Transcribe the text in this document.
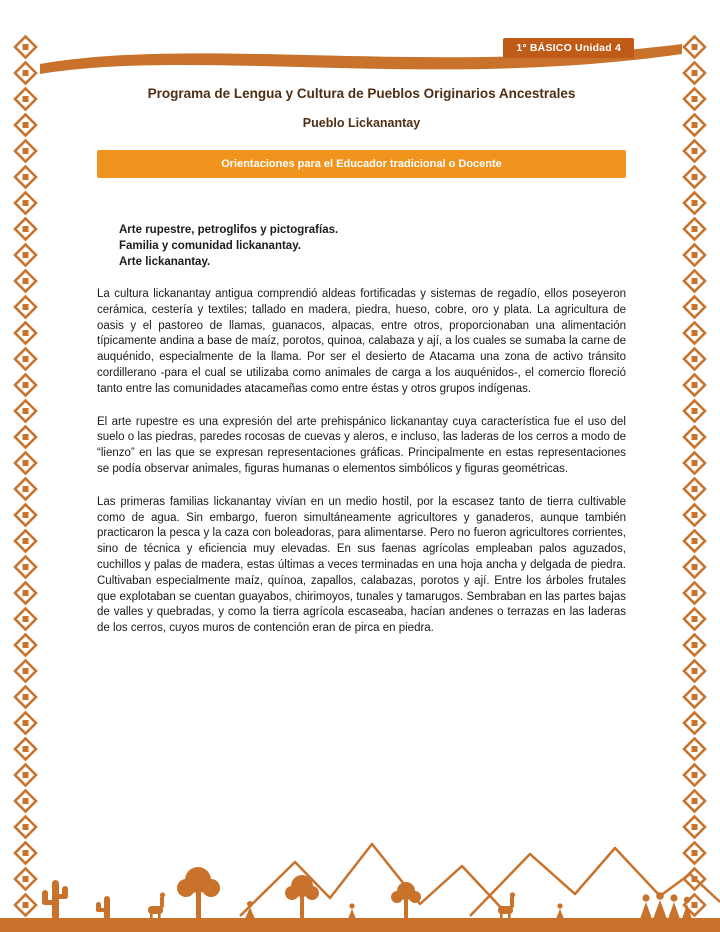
1° BÁSICO Unidad 4
Programa de Lengua y Cultura de Pueblos Originarios Ancestrales
Pueblo Lickanantay
Orientaciones para el Educador tradicional o Docente
Arte rupestre, petroglifos y pictografías.
Familia y comunidad lickanantay.
Arte lickanantay.

La cultura lickanantay antigua comprendió aldeas fortificadas y sistemas de regadío, ellos poseyeron cerámica, cestería y textiles; tallado en madera, piedra, hueso, cobre, oro y plata. La agricultura de oasis y el pastoreo de llamas, guanacos, alpacas, entre otros, proporcionaban una alimentación típicamente andina a base de maíz, porotos, quinoa, calabaza y ají, a los cuales se sumaba la carne de auquénido, especialmente de la llama. Por ser el desierto de Atacama una zona de activo tránsito cordillerano -para el cual se utilizaba como animales de carga a los auquénidos-, el comercio floreció tanto entre las comunidades atacameñas como entre éstas y otros grupos indígenas.

El arte rupestre es una expresión del arte prehispánico lickanantay cuya característica fue el uso del suelo o las piedras, paredes rocosas de cuevas y aleros, e incluso, las laderas de los cerros a modo de “lienzo” en las que se expresan representaciones gráficas. Principalmente en estas representaciones se podía observar animales, figuras humanas o elementos simbólicos y figuras geométricas.

Las primeras familias lickanantay vivían en un medio hostil, por la escasez tanto de tierra cultivable como de agua. Sin embargo, fueron simultáneamente agricultores y ganaderos, aunque también practicaron la pesca y la caza con boleadoras, para alimentarse. Pero no fueron agricultores corrientes, sino de técnica y eficiencia muy elevadas. En sus faenas agrícolas empleaban palos aguzados, cuchillos y palas de madera, estas últimas a veces terminadas en una hoja ancha y delgada de piedra. Cultivaban especialmente maíz, quínoa, zapallos, calabazas, porotos y ají. Entre los árboles frutales que explotaban se cuentan guayabos, chirimoyos, tunales y tamarugos. Sembraban en las partes bajas de valles y quebradas, y como la tierra agrícola escaseaba, hacían andenes o terrazas en las laderas de los cerros, cuyos muros de contención eran de pirca en piedra.
